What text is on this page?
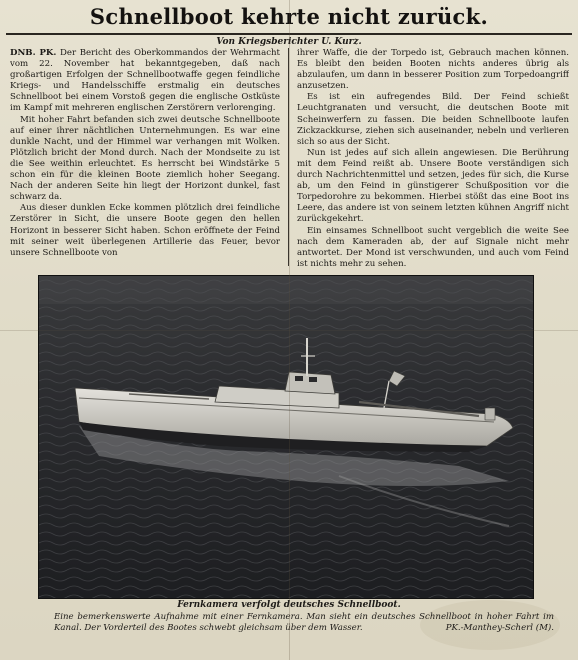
Schnellboot kehrte nicht zurück.
Von Kriegsberichter U. Kurz.

DNB. PK. Der Bericht des Oberkommandos der Wehrmacht vom 22. November hat bekanntgegeben, daß nach großartigen Erfolgen der Schnellbootwaffe gegen feindliche Kriegs- und Handelsschiffe erstmalig ein deutsches Schnellboot bei einem Vorstoß gegen die englische Ostküste im Kampf mit mehreren englischen Zerstörern verlorenging.

Mit hoher Fahrt befanden sich zwei deutsche Schnellboote auf einer ihrer nächtlichen Unternehmungen. Es war eine dunkle Nacht, und der Himmel war verhangen mit Wolken. Plötzlich bricht der Mond durch. Nach der Mondseite zu ist die See weithin erleuchtet. Es herrscht bei Windstärke 5 schon ein für die kleinen Boote ziemlich hoher Seegang. Nach der anderen Seite hin liegt der Horizont dunkel, fast schwarz da.

Aus dieser dunklen Ecke kommen plötzlich drei feindliche Zerstörer in Sicht, die unsere Boote gegen den hellen Horizont in besserer Sicht haben. Schon eröffnete der Feind mit seiner weit überlegenen Artillerie das Feuer, bevor unsere Schnellboote von

ihrer Waffe, die der Torpedo ist, Gebrauch machen können. Es bleibt den beiden Booten nichts anderes übrig als abzulaufen, um dann in besserer Position zum Torpedoangriff anzusetzen.

Es ist ein aufregendes Bild. Der Feind schießt Leuchtgranaten und versucht, die deutschen Boote mit Scheinwerfern zu fassen. Die beiden Schnellboote laufen Zickzackkurse, ziehen sich auseinander, nebeln und verlieren sich so aus der Sicht.

Nun ist jedes auf sich allein angewiesen. Die Berührung mit dem Feind reißt ab. Unsere Boote verständigen sich durch Nachrichtenmittel und setzen, jedes für sich, die Kurse ab, um den Feind in günstigerer Schußposition vor die Torpedorohre zu bekommen. Hierbei stößt das eine Boot ins Leere, das andere ist von seinem letzten kühnen Angriff nicht zurückgekehrt.

Ein einsames Schnellboot sucht vergeblich die weite See nach dem Kameraden ab, der auf Signale nicht mehr antwortet. Der Mond ist verschwunden, und auch vom Feind ist nichts mehr zu sehen.

Fernkamera verfolgt deutsches Schnellboot.
Eine bemerkenswerte Aufnahme mit einer Fernkamera. Man sieht ein deutsches Schnellboot in hoher Fahrt im Kanal. Der Vorderteil des Bootes schwebt gleichsam über dem Wasser.	PK.-Manthey-Scherl (M).
